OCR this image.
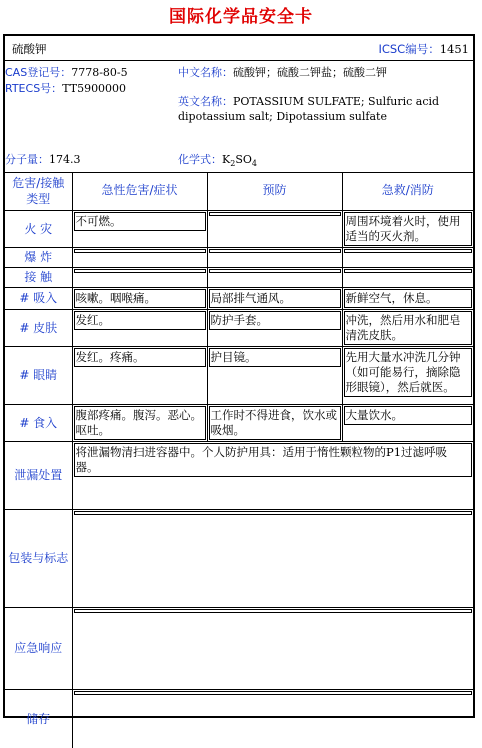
国际化学品安全卡
硫酸钾	ICSC编号：1451
CAS登记号：7778-80-5
RTECS号：TT5900000
中文名称：硫酸钾；硫酸二钾盐；硫酸二钾
英文名称：POTASSIUM SULFATE; Sulfuric acid dipotassium salt; Dipotassium sulfate
分子量：174.3	化学式：$K_2SO_4$
危害/接触类型	急性危害/症状	预防	急救/消防
火 灾	不可燃。		周围环境着火时，使用适当的灭火剂。

爆 炸	

接 触	

# 吸入	咳嗽。咽喉痛。	局部排气通风。	新鲜空气，休息。

# 皮肤	发红。	防护手套。	冲洗，然后用水和肥皂清洗皮肤。

# 眼睛	发红。疼痛。	护目镜。	先用大量水冲洗几分钟（如可能易行，摘除隐形眼镜），然后就医。

# 食入	腹部疼痛。腹泻。恶心。呕吐。	工作时不得进食，饮水或吸烟。	大量饮水。

泄漏处置	将泄漏物清扫进容器中。个人防护用具：适用于惰性颗粒物的P1过滤呼吸器。		

包装与标志			

应急响应			

储存			
